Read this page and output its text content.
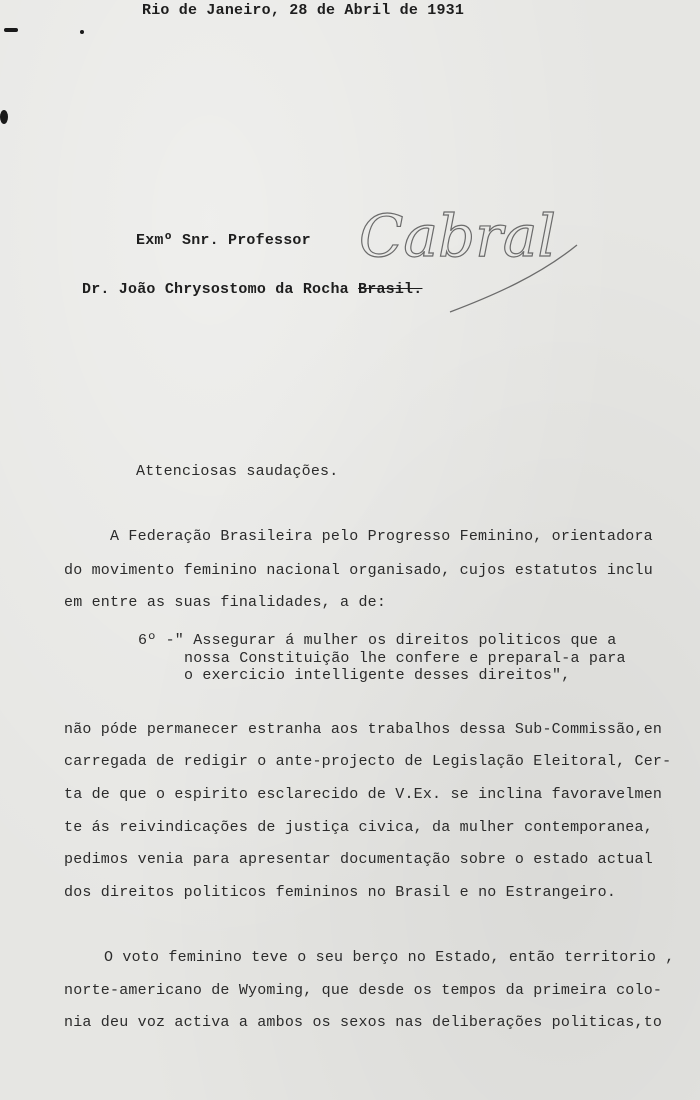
Rio de Janeiro, 28 de Abril de 1931
Exmº Snr. Professor
Dr. João Chrysostomo da Rocha Brasil.
Cabral
Attenciosas saudações.
A Federação Brasileira pelo Progresso Feminino, orientadora
do movimento feminino nacional organisado, cujos estatutos inclu
em entre as suas finalidades, a de:
6º -" Assegurar á mulher os direitos politicos que a
nossa Constituição lhe confere e preparal-a para
o exercicio intelligente desses direitos",
não póde permanecer estranha aos trabalhos dessa Sub-Commissão,en
carregada de redigir o ante-projecto de Legislação Eleitoral, Cer-
ta de que o espirito esclarecido de V.Ex. se inclina favoravelmen
te ás reivindicações de justiça civica, da mulher contemporanea,
pedimos venia para apresentar documentação sobre o estado actual
dos direitos politicos femininos no Brasil e no Estrangeiro.
O voto feminino teve o seu berço no Estado, então territorio ,
norte-americano de Wyoming, que desde os tempos da primeira colo-
nia deu voz activa a ambos os sexos nas deliberações politicas,to
